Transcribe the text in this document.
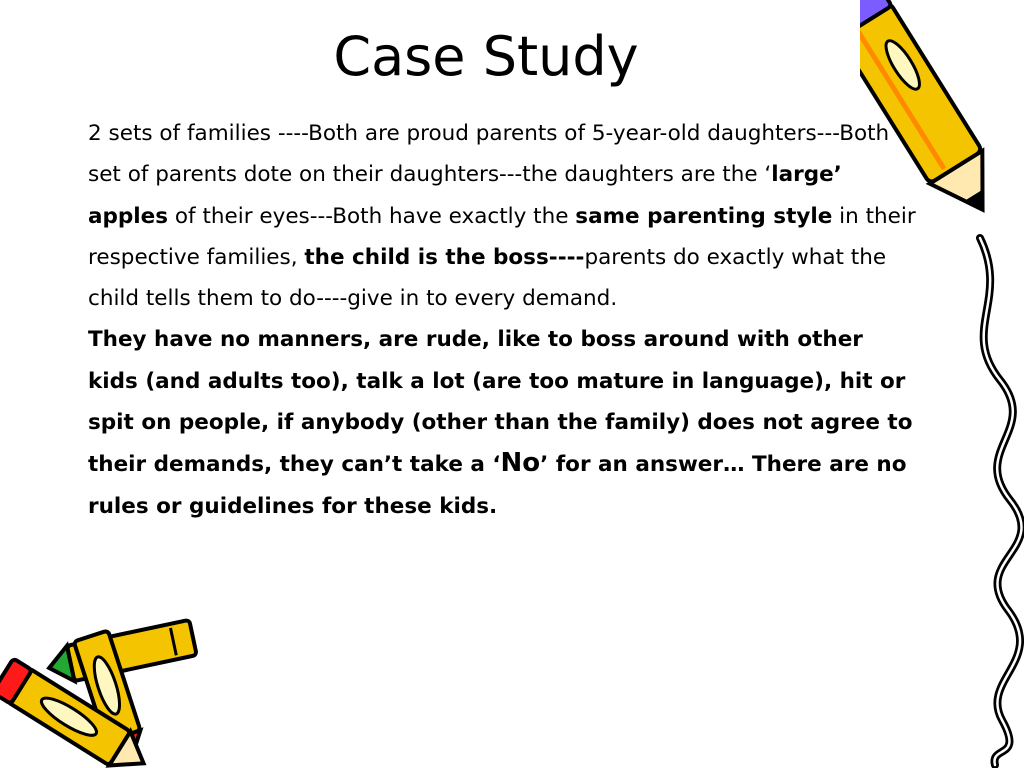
Case Study

2 sets of families ----Both are proud parents of 5-year-old daughters---Both set of parents dote on their daughters---the daughters are the ‘large’ apples of their eyes---Both have exactly the same parenting style in their respective families, the child is the boss----parents do exactly what the child tells them to do----give in to every demand.

They have no manners, are rude, like to boss around with other kids (and adults too), talk a lot (are too mature in language), hit or spit on people, if anybody (other than the family) does not agree to their demands, they can’t take a ‘No’ for an answer… There are no rules or guidelines for these kids.
